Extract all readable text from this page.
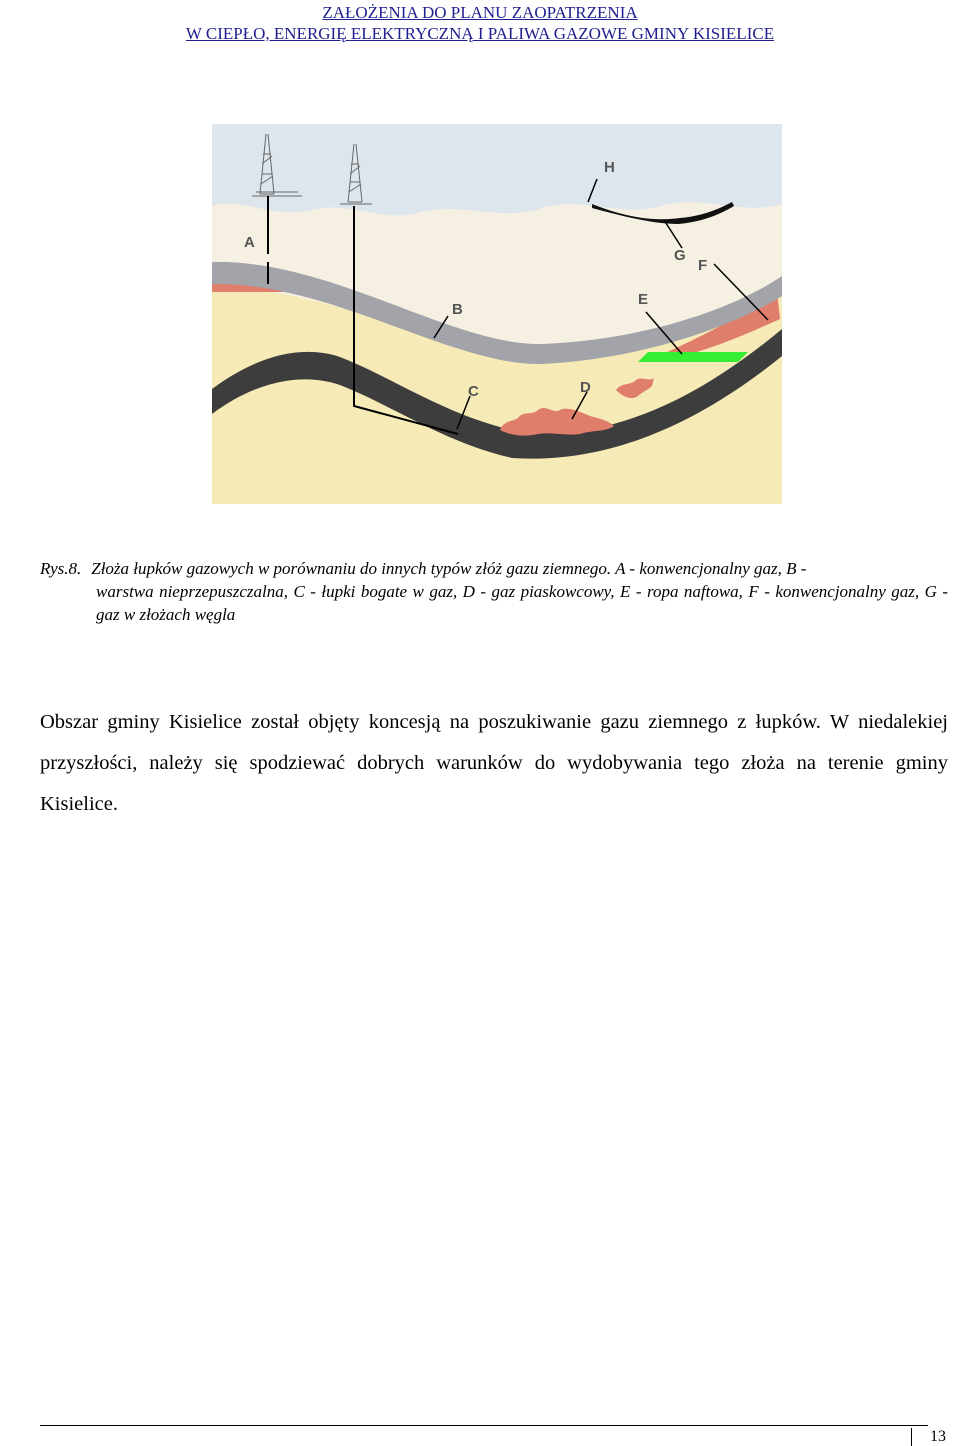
ZAŁOŻENIA DO PLANU ZAOPATRZENIA
W CIEPŁO, ENERGIĘ ELEKTRYCZNĄ I PALIWA GAZOWE GMINY KISIELICE
A
B
C	D
E
F
G
H
Rys.8. Złoża łupków gazowych w porównaniu do innych typów złóż gazu ziemnego. A - konwencjonalny gaz, B -
warstwa nieprzepuszczalna, C - łupki bogate w gaz, D - gaz piaskowcowy, E - ropa naftowa, F - konwencjonalny gaz, G - gaz w złożach węgla
Obszar gminy Kisielice został objęty koncesją na poszukiwanie gazu ziemnego z łupków. W niedalekiej przyszłości, należy się spodziewać dobrych warunków do wydobywania tego złoża na terenie gminy Kisielice.
13
